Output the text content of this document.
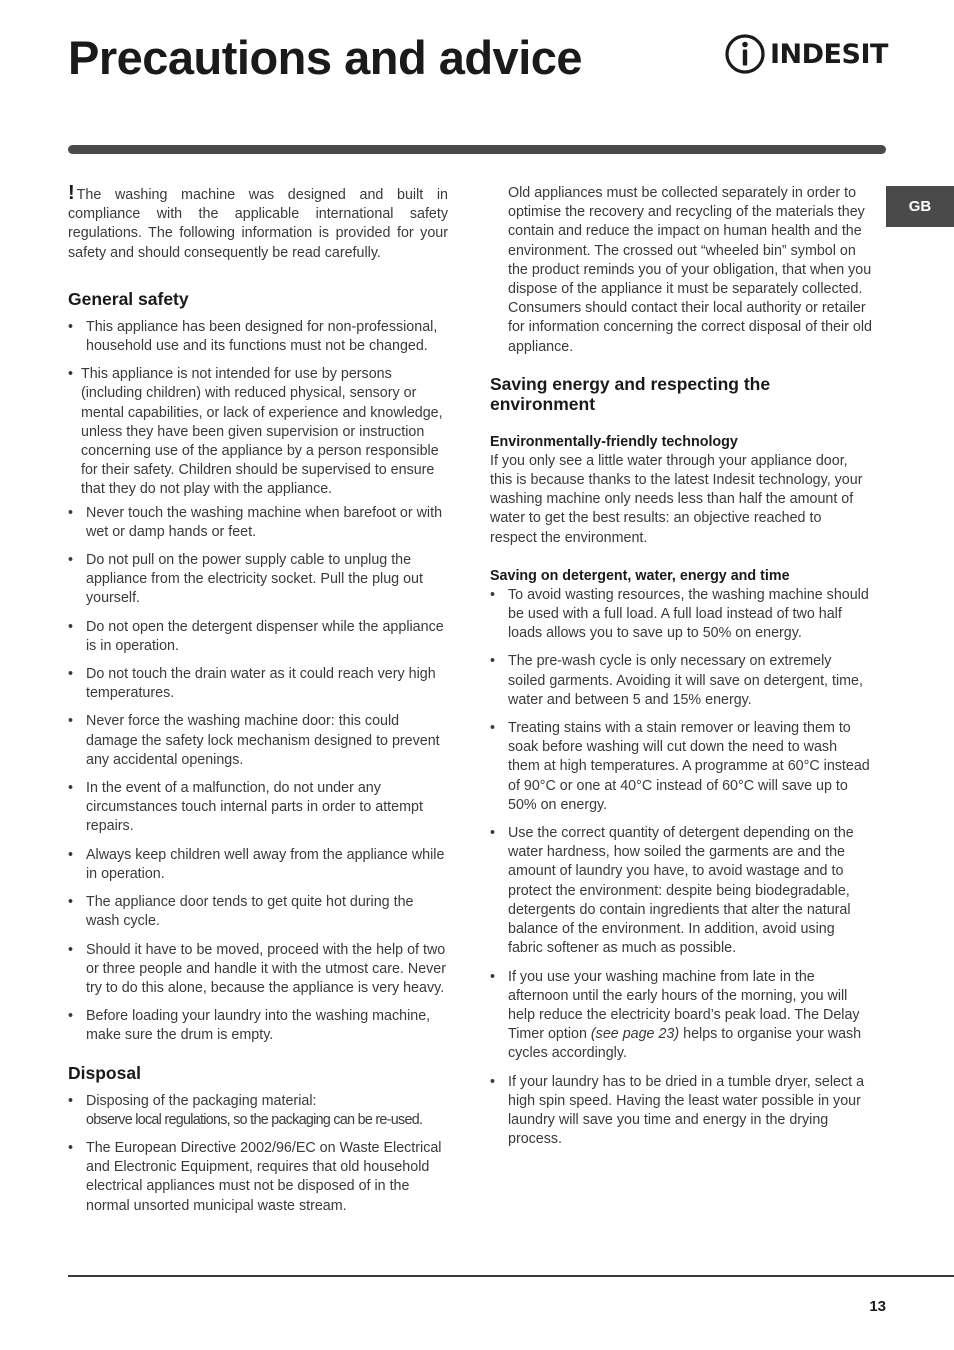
Precautions and advice	INDESIT
GB

! The washing machine was designed and built in compliance with the applicable international safety regulations. The following information is provided for your safety and should consequently be read carefully.

General safety
• This appliance has been designed for non-professional, household use and its functions must not be changed.
• This appliance is not intended for use by persons (including children) with reduced physical, sensory or mental capabilities, or lack of experience and knowledge, unless they have been given supervision or instruction concerning use of the appliance by a person responsible for their safety. Children should be supervised to ensure that they do not play with the appliance.
• Never touch the washing machine when barefoot or with wet or damp hands or feet.
• Do not pull on the power supply cable to unplug the appliance from the electricity socket. Pull the plug out yourself.
• Do not open the detergent dispenser while the appliance is in operation.
• Do not touch the drain water as it could reach very high temperatures.
• Never force the washing machine door: this could damage the safety lock mechanism designed to prevent any accidental openings.
• In the event of a malfunction, do not under any circumstances touch internal parts in order to attempt repairs.
• Always keep children well away from the appliance while in operation.
• The appliance door tends to get quite hot during the wash cycle.
• Should it have to be moved, proceed with the help of two or three people and handle it with the utmost care. Never try to do this alone, because the appliance is very heavy.
• Before loading your laundry into the washing machine, make sure the drum is empty.
Disposal
• Disposing of the packaging material:
observe local regulations, so the packaging can be re-used.
• The European Directive 2002/96/EC on Waste Electrical and Electronic Equipment, requires that old household electrical appliances must not be disposed of in the normal unsorted municipal waste stream.

Old appliances must be collected separately in order to optimise the recovery and recycling of the materials they contain and reduce the impact on human health and the environment. The crossed out “wheeled bin” symbol on the product reminds you of your obligation, that when you dispose of the appliance it must be separately collected. Consumers should contact their local authority or retailer for information concerning the correct disposal of their old appliance.

Saving energy and respecting the environment
Environmentally-friendly technology

If you only see a little water through your appliance door, this is because thanks to the latest Indesit technology, your washing machine only needs less than half the amount of water to get the best results: an objective reached to respect the environment.

Saving on detergent, water, energy and time
• To avoid wasting resources, the washing machine should be used with a full load. A full load instead of two half loads allows you to save up to 50% on energy.
• The pre-wash cycle is only necessary on extremely soiled garments. Avoiding it will save on detergent, time, water and between 5 and 15% energy.
• Treating stains with a stain remover or leaving them to soak before washing will cut down the need to wash them at high temperatures. A programme at 60°C instead of 90°C or one at 40°C instead of 60°C will save up to 50% on energy.
• Use the correct quantity of detergent depending on the water hardness, how soiled the garments are and the amount of laundry you have, to avoid wastage and to protect the environment: despite being biodegradable, detergents do contain ingredients that alter the natural balance of the environment. In addition, avoid using fabric softener as much as possible.
• If you use your washing machine from late in the afternoon until the early hours of the morning, you will help reduce the electricity board’s peak load. The Delay Timer option (see page 23) helps to organise your wash cycles accordingly.
• If your laundry has to be dried in a tumble dryer, select a high spin speed. Having the least water possible in your laundry will save you time and energy in the drying process.
13
